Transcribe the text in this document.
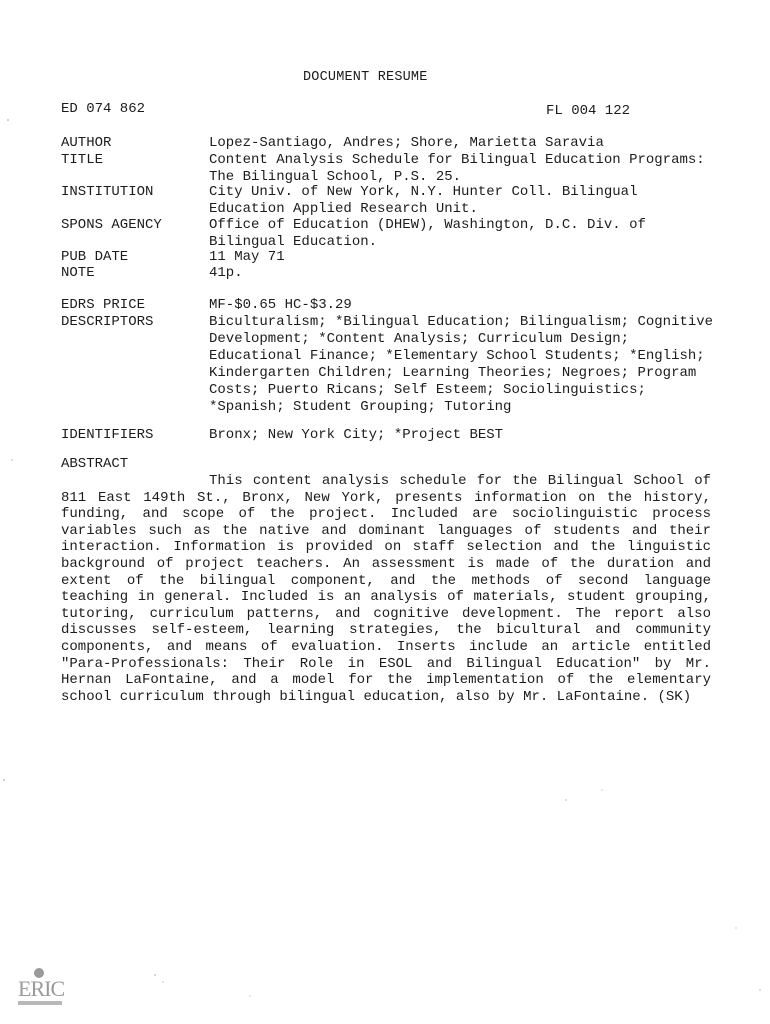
DOCUMENT RESUME
ED 074 862	FL 004 122
AUTHOR	Lopez-Santiago, Andres; Shore, Marietta Saravia
TITLE	Content Analysis Schedule for Bilingual Education Programs: The Bilingual School, P.S. 25.
INSTITUTION	City Univ. of New York, N.Y. Hunter Coll. Bilingual Education Applied Research Unit.
SPONS AGENCY	Office of Education (DHEW), Washington, D.C. Div. of Bilingual Education.
PUB DATE	11 May 71
NOTE	41p.
EDRS PRICE	MF-$0.65 HC-$3.29
DESCRIPTORS	Biculturalism; *Bilingual Education; Bilingualism; Cognitive Development; *Content Analysis; Curriculum Design; Educational Finance; *Elementary School Students; *English; Kindergarten Children; Learning Theories; Negroes; Program Costs; Puerto Ricans; Self Esteem; Sociolinguistics; *Spanish; Student Grouping; Tutoring
IDENTIFIERS	Bronx; New York City; *Project BEST
ABSTRACT
This content analysis schedule for the Bilingual School of 811 East 149th St., Bronx, New York, presents information on the history, funding, and scope of the project. Included are sociolinguistic process variables such as the native and dominant languages of students and their interaction. Information is provided on staff selection and the linguistic background of project teachers. An assessment is made of the duration and extent of the bilingual component, and the methods of second language teaching in general. Included is an analysis of materials, student grouping, tutoring, curriculum patterns, and cognitive development. The report also discusses self-esteem, learning strategies, the bicultural and community components, and means of evaluation. Inserts include an article entitled "Para-Professionals: Their Role in ESOL and Bilingual Education" by Mr. Hernan LaFontaine, and a model for the implementation of the elementary school curriculum through bilingual education, also by Mr. LaFontaine. (SK)
ERIC
